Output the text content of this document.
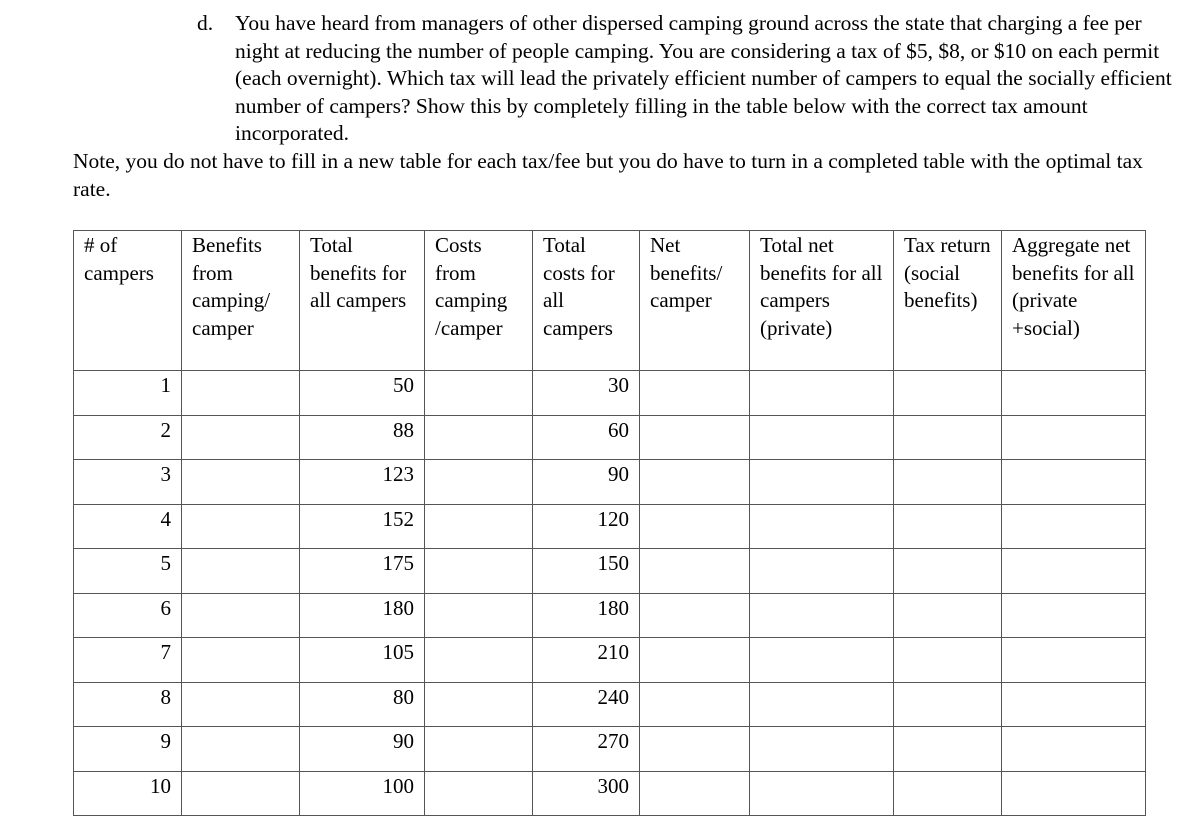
d. You have heard from managers of other dispersed camping ground across the state that charging a fee per night at reducing the number of people camping. You are considering a tax of $5, $8, or $10 on each permit (each overnight). Which tax will lead the privately efficient number of campers to equal the socially efficient number of campers? Show this by completely filling in the table below with the correct tax amount incorporated.
Note, you do not have to fill in a new table for each tax/fee but you do have to turn in a completed table with the optimal tax rate.
# of campers	Benefits from camping/ camper	Total benefits for all campers	Costs from camping /camper	Total costs for all campers	Net benefits/ camper	Total net benefits for all campers (private)	Tax return (social benefits)	Aggregate net benefits for all (private +social)
1		50		30				
2		88		60				
3		123		90				
4		152		120				
5		175		150				
6		180		180				
7		105		210				
8		80		240				
9		90		270				
10		100		300				
